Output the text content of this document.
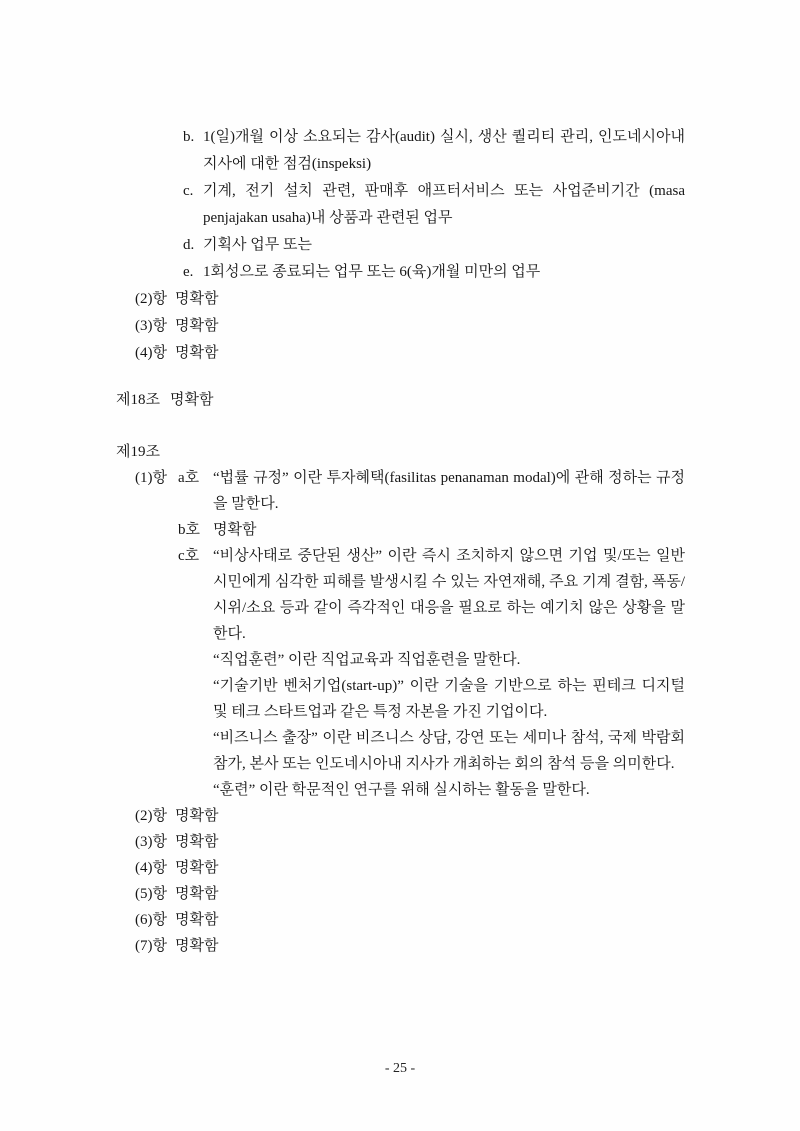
b. 1(일)개월 이상 소요되는 감사(audit) 실시, 생산 퀄리티 관리, 인도네시아내 지사에 대한 점검(inspeksi)
c. 기계, 전기 설치 관련, 판매후 애프터서비스 또는 사업준비기간 (masa penjajakan usaha)내 상품과 관련된 업무
d. 기획사 업무 또는
e. 1회성으로 종료되는 업무 또는 6(육)개월 미만의 업무
(2)항 명확함
(3)항 명확함
(4)항 명확함
제18조 명확함
제19조
(1)항 a호 “법률 규정” 이란 투자혜택(fasilitas penanaman modal)에 관해 정하는 규정을 말한다.
b호 명확함
c호 “비상사태로 중단된 생산” 이란 즉시 조치하지 않으면 기업 및/또는 일반 시민에게 심각한 피해를 발생시킬 수 있는 자연재해, 주요 기계 결함, 폭동/시위/소요 등과 같이 즉각적인 대응을 필요로 하는 예기치 않은 상황을 말한다.

“직업훈련” 이란 직업교육과 직업훈련을 말한다.

“기술기반 벤처기업(start-up)” 이란 기술을 기반으로 하는 핀테크 디지털 및 테크 스타트업과 같은 특정 자본을 가진 기업이다.

“비즈니스 출장” 이란 비즈니스 상담, 강연 또는 세미나 참석, 국제 박람회 참가, 본사 또는 인도네시아내 지사가 개최하는 회의 참석 등을 의미한다.

“훈련” 이란 학문적인 연구를 위해 실시하는 활동을 말한다.

(2)항 명확함
(3)항 명확함
(4)항 명확함
(5)항 명확함
(6)항 명확함
(7)항 명확함
- 25 -
